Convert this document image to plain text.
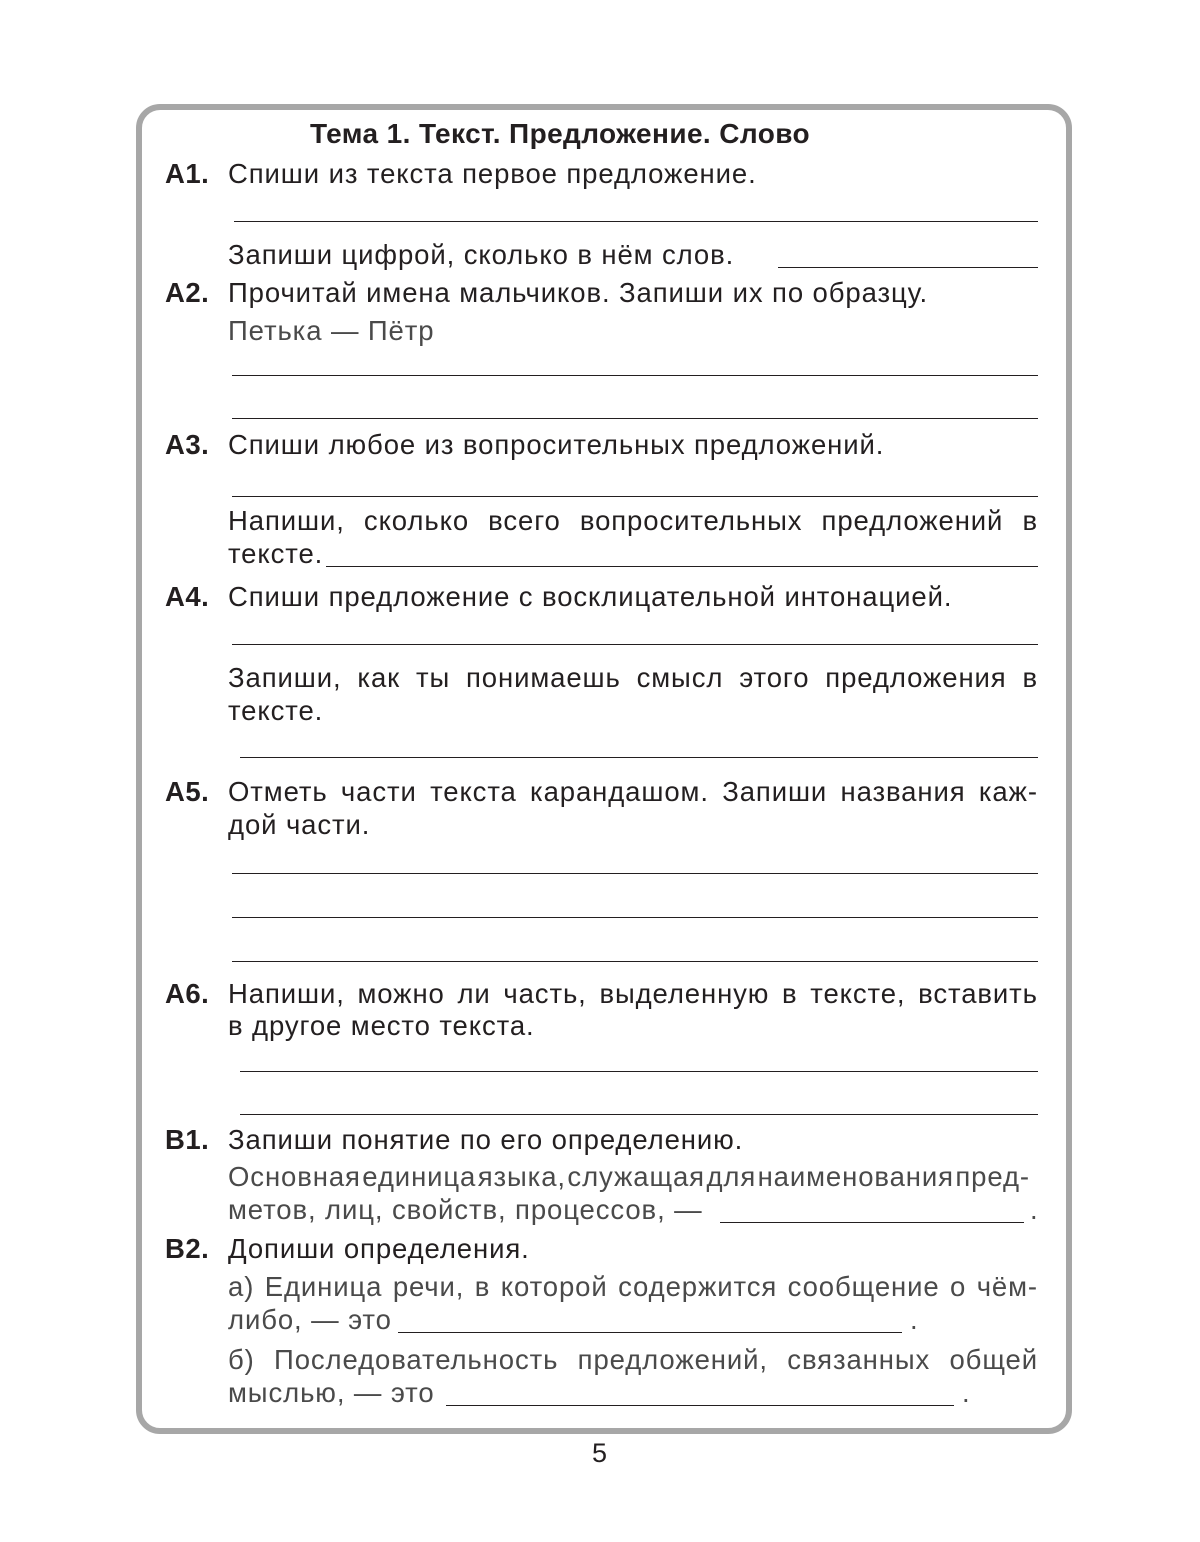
Тема 1. Текст. Предложение. Слово
А1. Спиши из текста первое предложение.
Запиши цифрой, сколько в нём слов.
А2. Прочитай имена мальчиков. Запиши их по образцу.
Петька — Пётр
А3. Спиши любое из вопросительных предложений.
Напиши, сколько всего вопросительных предложений в
тексте.
А4. Спиши предложение с восклицательной интонацией.
Запиши, как ты понимаешь смысл этого предложения в
тексте.
А5. Отметь части текста карандашом. Запиши названия каж-
дой части.
А6. Напиши, можно ли часть, выделенную в тексте, вставить
в другое место текста.
В1. Запиши понятие по его определению.
Основная единица языка, служащая для наименования пред-
метов, лиц, свойств, процессов, —	.
В2. Допиши определения.
а) Единица речи, в которой содержится сообщение о чём-
либо, — это	.
б) Последовательность предложений, связанных общей
мыслью, — это	.
5
